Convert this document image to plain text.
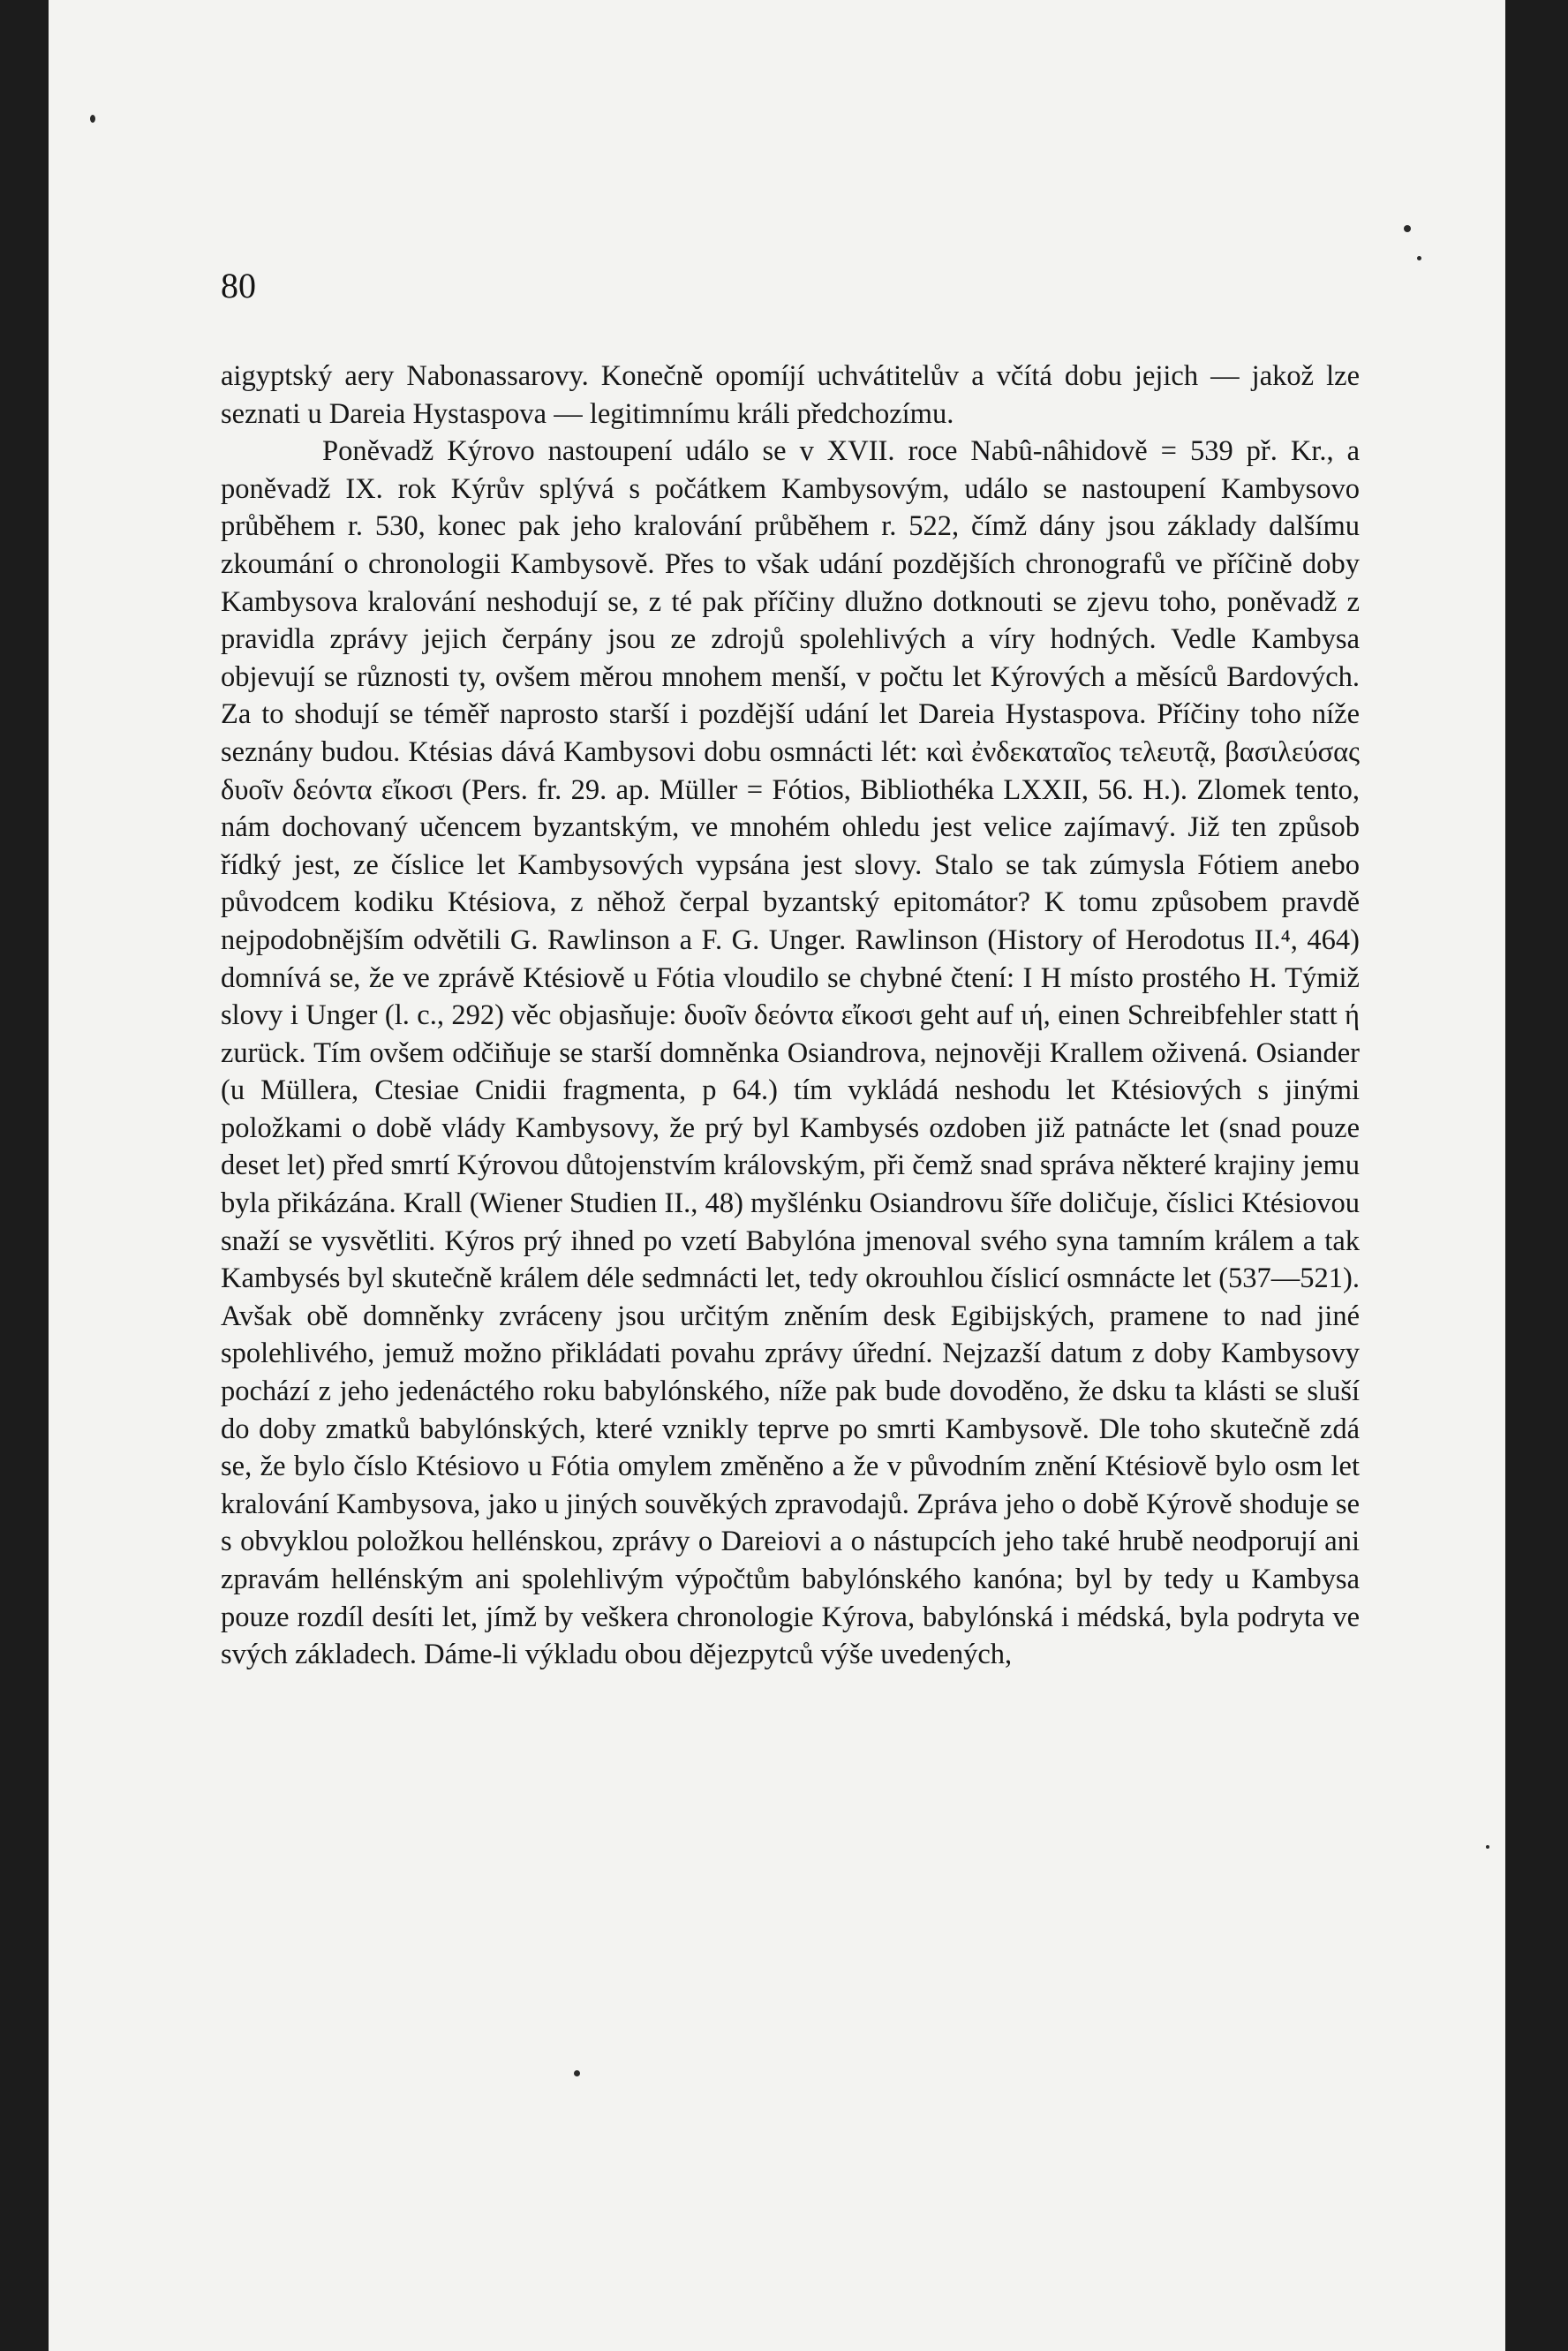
80

aigyptský aery Nabonassarovy. Konečně opomíjí uchvátitelův a včítá dobu jejich — jakož lze seznati u Dareia Hystaspova — legitimnímu králi předchozímu.

Poněvadž Kýrovo nastoupení událo se v XVII. roce Nabû-nâhidově = 539 př. Kr., a poněvadž IX. rok Kýrův splývá s počátkem Kambysovým, událo se nastoupení Kambysovo průběhem r. 530, konec pak jeho kralování průběhem r. 522, čímž dány jsou základy dalšímu zkoumání o chronologii Kambysově. Přes to však udání pozdějších chronografů ve příčině doby Kambysova kralování neshodují se, z té pak příčiny dlužno dotknouti se zjevu toho, poněvadž z pravidla zprávy jejich čerpány jsou ze zdrojů spolehlivých a víry hodných. Vedle Kambysa objevují se různosti ty, ovšem měrou mnohem menší, v počtu let Kýrových a měsíců Bardových. Za to shodují se téměř naprosto starší i pozdější udání let Dareia Hystaspova. Příčiny toho níže seznány budou. Ktésias dává Kambysovi dobu osmnácti lét: καὶ ἐνδεκαταῖος τελευτᾷ, βασιλεύσας δυοῖν δεόντα εἴκοσι (Pers. fr. 29. ap. Müller = Fótios, Bibliothéka LXXII, 56. H.). Zlomek tento, nám dochovaný učencem byzantským, ve mnohém ohledu jest velice zajímavý. Již ten způsob řídký jest, ze číslice let Kambysových vypsána jest slovy. Stalo se tak zúmysla Fótiem anebo původcem kodiku Ktésiova, z něhož čerpal byzantský epitomátor? K tomu způsobem pravdě nejpodobnějším odvětili G. Rawlinson a F. G. Unger. Rawlinson (History of Herodotus II.⁴, 464) domnívá se, že ve zprávě Ktésiově u Fótia vloudilo se chybné čtení: I H místo prostého H. Týmiž slovy i Unger (l. c., 292) věc objasňuje: δυοῖν δεόντα εἴκοσι geht auf ιή, einen Schreibfehler statt ή zurück. Tím ovšem odčiňuje se starší domněnka Osiandrova, nejnověji Krallem oživená. Osiander (u Müllera, Ctesiae Cnidii fragmenta, p 64.) tím vykládá neshodu let Ktésiových s jinými položkami o době vlády Kambysovy, že prý byl Kambysés ozdoben již patnácte let (snad pouze deset let) před smrtí Kýrovou důtojenstvím královským, při čemž snad správa některé krajiny jemu byla přikázána. Krall (Wiener Studien II., 48) myšlénku Osiandrovu šíře doličuje, číslici Ktésiovou snaží se vysvětliti. Kýros prý ihned po vzetí Babylóna jmenoval svého syna tamním králem a tak Kambysés byl skutečně králem déle sedmnácti let, tedy okrouhlou číslicí osmnácte let (537—521). Avšak obě domněnky zvráceny jsou určitým zněním desk Egibijských, pramene to nad jiné spolehlivého, jemuž možno přikládati povahu zprávy úřední. Nejzazší datum z doby Kambysovy pochází z jeho jedenáctého roku babylónského, níže pak bude dovoděno, že dsku ta klásti se sluší do doby zmatků babylónských, které vznikly teprve po smrti Kambysově. Dle toho skutečně zdá se, že bylo číslo Ktésiovo u Fótia omylem změněno a že v původním znění Ktésiově bylo osm let kralování Kambysova, jako u jiných souvěkých zpravodajů. Zpráva jeho o době Kýrově shoduje se s obvyklou položkou hellénskou, zprávy o Dareiovi a o nástupcích jeho také hrubě neodporují ani zpravám hellénským ani spolehlivým výpočtům babylónského kanóna; byl by tedy u Kambysa pouze rozdíl desíti let, jímž by veškera chronologie Kýrova, babylónská i médská, byla podryta ve svých základech. Dáme-li výkladu obou dějezpytců výše uvedených,
